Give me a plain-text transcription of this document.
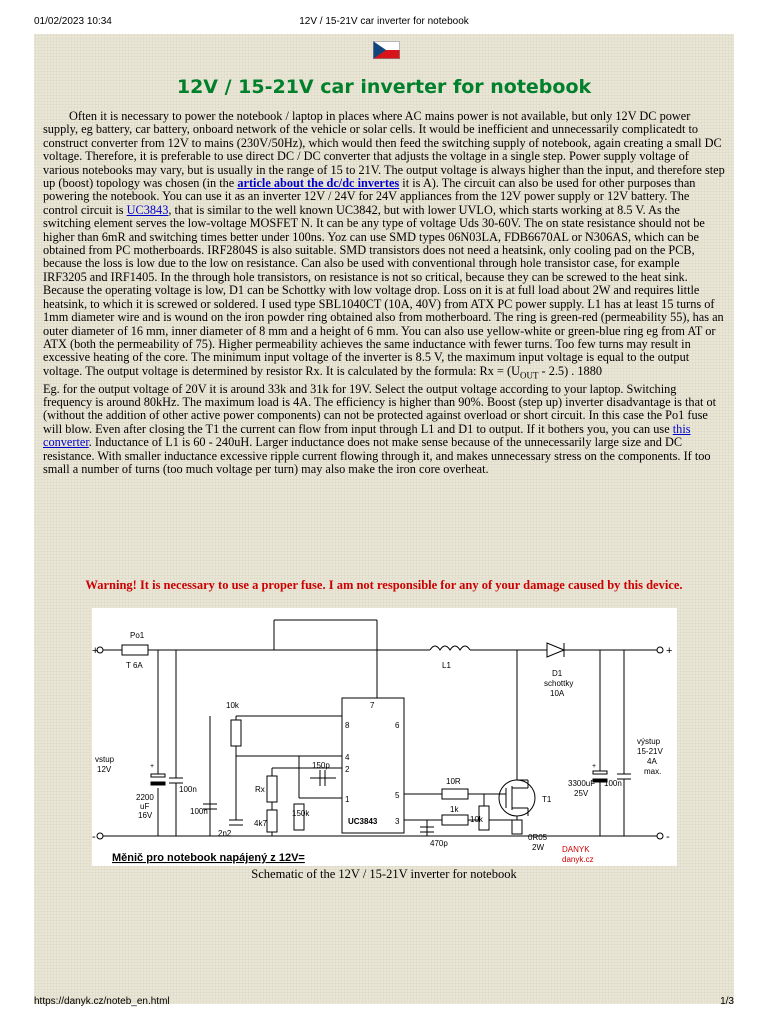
01/02/2023 10:34	12V / 15-21V car inverter for notebook
12V / 15-21V car inverter for notebook

Often it is necessary to power the notebook / laptop in places where AC mains power is not available, but only 12V DC power supply, eg battery, car battery, onboard network of the vehicle or solar cells. It would be inefficient and unnecessarily complicatedt to construct converter from 12V to mains (230V/50Hz), which would then feed the switching supply of notebook, again creating a small DC voltage. Therefore, it is preferable to use direct DC / DC converter that adjusts the voltage in a single step. Power supply voltage of various notebooks may vary, but is usually in the range of 15 to 21V. The output voltage is always higher than the input, and therefore step up (boost) topology was chosen (in the article about the dc/dc invertes it is A). The circuit can also be used for other purposes than powering the notebook. You can use it as an inverter 12V / 24V for 24V appliances from the 12V power supply or 12V battery. The control circuit is UC3843, that is similar to the well known UC3842, but with lower UVLO, which starts working at 8.5 V. As the switching element serves the low-voltage MOSFET N. It can be any type of voltage Uds 30-60V. The on state resistance should not be higher than 6mR and switching times better under 100ns. Yoz can use SMD types 06N03LA, FDB6670AL or N306AS, which can be obtained from PC motherboards. IRF2804S is also suitable. SMD transistors does not need a heatsink, only cooling pad on the PCB, because the loss is low due to the low on resistance. Can also be used with conventional through hole transistor case, for example IRF3205 and IRF1405. In the through hole transistors, on resistance is not so critical, because they can be screwed to the heat sink. Because the operating voltage is low, D1 can be Schottky with low voltage drop. Loss on it is at full load about 2W and requires little heatsink, to which it is screwed or soldered. I used type SBL1040CT (10A, 40V) from ATX PC power supply. L1 has at least 15 turns of 1mm diameter wire and is wound on the iron powder ring obtained also from motherboard. The ring is green-red (permeability 55), has an outer diameter of 16 mm, inner diameter of 8 mm and a height of 6 mm. You can also use yellow-white or green-blue ring eg from AT or ATX (both the permeability of 75). Higher permeability achieves the same inductance with fewer turns. Too few turns may result in excessive heating of the core. The minimum input voltage of the inverter is 8.5 V, the maximum input voltage is equal to the output voltage. The output voltage is determined by resistor Rx. It is calculated by the formula: $Rx = (U_{OUT} - 2.5)$ . 1880

Eg. for the output voltage of 20V it is around 33k and 31k for 19V. Select the output voltage according to your laptop. Switching frequency is around 80kHz. The maximum load is 4A. The efficiency is higher than 90%. Boost (step up) inverter disadvantage is that ot (without the addition of other active power components) can not be protected against overload or short circuit. In this case the Po1 fuse will blow. Even after closing the T1 the current can flow from input through L1 and D1 to output. If it bothers you, you can use this converter. Inductance of L1 is 60 - 240uH. Larger inductance does not make sense because of the unnecessarily large size and DC resistance. With smaller inductance excessive ripple current flowing through it, and makes unnecessary stress on the components. If too small a number of turns (too much voltage per turn) may also make the iron core overheat.

Warning! It is necessary to use a proper fuse. I am not responsible for any of your damage caused by this device.
Po1
T 6A	L1
D1
schottky
10A
UC3843
7
8
4
2
1
6
5
3
vstup
12V
2200
uF
16V
100n
100n
2n2
10k
Rx
4k7
150p
150k
10R
1k
470p
10k
0R05
2W
T1
3300uF
25V
100n
výstup
15-21V
4A
max.
+
-
+
-
+	+
Měnič pro notebook napájený z 12V=
DANYK
danyk.cz
Schematic of the 12V / 15-21V inverter for notebook
https://danyk.cz/noteb_en.html	1/3
